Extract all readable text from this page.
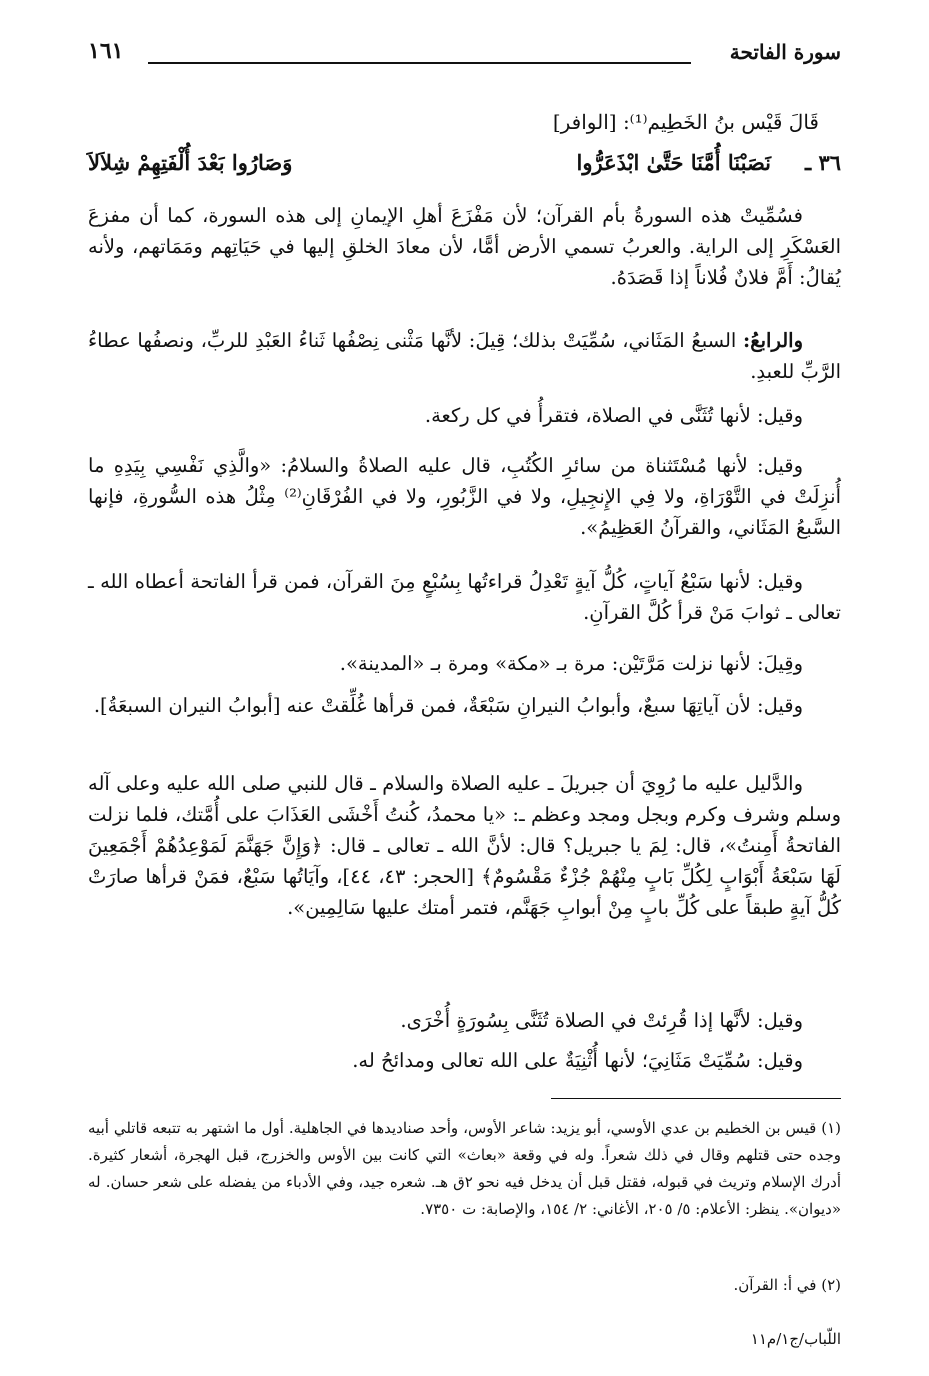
سورة الفاتحة
١٦١
قَالَ قَيْس بنُ الخَطِيم⁽¹⁾: [الوافر]
٣٦ ـ
نَصَبْنَا أُمَّنَا حَتَّىٰ ابْذَعَرُّوا
وَصَارُوا بَعْدَ أُلْفَتِهِمْ شِلاَلاَ

فسُمِّيتْ هذه السورةُ بأم القرآن؛ لأن مَفْزَعَ أهلِ الإيمانِ إلى هذه السورة، كما أن مفزعَ العَسْكَرِ إلى الراية. والعربُ تسمي الأرض أمًّا، لأن معادَ الخلقِ إليها في حَيَاتِهم ومَمَاتهم، ولأنه يُقالُ: أَمَّ فلانٌ فُلاناً إذا قَصَدَهُ.

والرابعُ: السبعُ المَثَاني، سُمِّيَتْ بذلك؛ قِيلَ: لأنَّها مَثْنى نِصْفُها ثَناءُ العَبْدِ للربِّ، ونصفُها عطاءُ الرَّبِّ للعبدِ.

وقيل: لأنها تُثَنَّى في الصلاة، فتقرأُ في كل ركعة.

وقيل: لأنها مُسْتَثناة من سائرِ الكُتُبِ، قال عليه الصلاةُ والسلامُ: «والَّذِي نَفْسِي بِيَدِهِ ما أُنزِلَتْ في التَّوْرَاةِ، ولا فِي الإِنجِيلِ، ولا في الزَّبُورِ، ولا في الفُرْقَانِ⁽²⁾ مِثْلُ هذه السُّورةِ، فإنها السَّبعُ المَثَاني، والقرآنُ العَظِيمُ».

وقيل: لأنها سَبْعُ آياتٍ، كُلُّ آيةٍ تَعْدِلُ قراءتُها بِسُبْعٍ مِنَ القرآن، فمن قرأ الفاتحة أعطاه الله ـ تعالى ـ ثوابَ مَنْ قرأ كُلَّ القرآنِ.

وقِيلَ: لأنها نزلت مَرَّتَيْن: مرة بـ «مكة» ومرة بـ «المدينة».

وقيل: لأن آياتِهَا سبعٌ، وأبوابُ النيرانِ سَبْعَةٌ، فمن قرأها غُلِّقتْ عنه [أبوابُ النيران السبعَةُ].

والدَّليل عليه ما رُوِيَ أن جبريلَ ـ عليه الصلاة والسلام ـ قال للنبي صلى الله عليه وعلى آله وسلم وشرف وكرم وبجل ومجد وعظم ـ: «يا محمدُ، كُنتُ أَخْشَى العَذَابَ على أُمَّتك، فلما نزلت الفاتحةُ أَمِنتُ»، قال: لِمَ يا جبريل؟ قال: لأنَّ الله ـ تعالى ـ قال: ﴿وَإِنَّ جَهَنَّمَ لَمَوْعِدُهُمْ أَجْمَعِينَ لَهَا سَبْعَةُ أَبْوَابٍ لِكُلِّ بَابٍ مِنْهُمْ جُزْءٌ مَقْسُومٌ﴾ [الحجر: ٤٣، ٤٤]، وآيَاتُها سَبْعٌ، فمَنْ قرأها صارَتْ كُلُّ آيةٍ طبقاً على كُلِّ بابٍ مِنْ أبوابِ جَهَنَّم، فتمر أمتك عليها سَالِمِين».

وقيل: لأنَّها إذا قُرِئتْ في الصلاة تُثَنَّى بِسُورَةٍ أُخْرَى.

وقيل: سُمِّيَتْ مَثَانِيَ؛ لأنها أُثْنِيَةٌ على الله تعالى ومدائحُ له.

(١) قيس بن الخطيم بن عدي الأوسي، أبو يزيد: شاعر الأوس، وأحد صناديدها في الجاهلية. أول ما اشتهر به تتبعه قاتلي أبيه وجده حتى قتلهم وقال في ذلك شعراً. وله في وقعة «بعاث» التي كانت بين الأوس والخزرج، قبل الهجرة، أشعار كثيرة. أدرك الإسلام وتريث في قبوله، فقتل قبل أن يدخل فيه نحو ٢ق هـ. شعره جيد، وفي الأدباء من يفضله على شعر حسان. له «ديوان». ينظر: الأعلام: ٥/ ٢٠٥، الأغاني: ٢/ ١٥٤، والإصابة: ت ٧٣٥٠.

(٢) في أ: القرآن.

اللّباب/ج١/م١١
